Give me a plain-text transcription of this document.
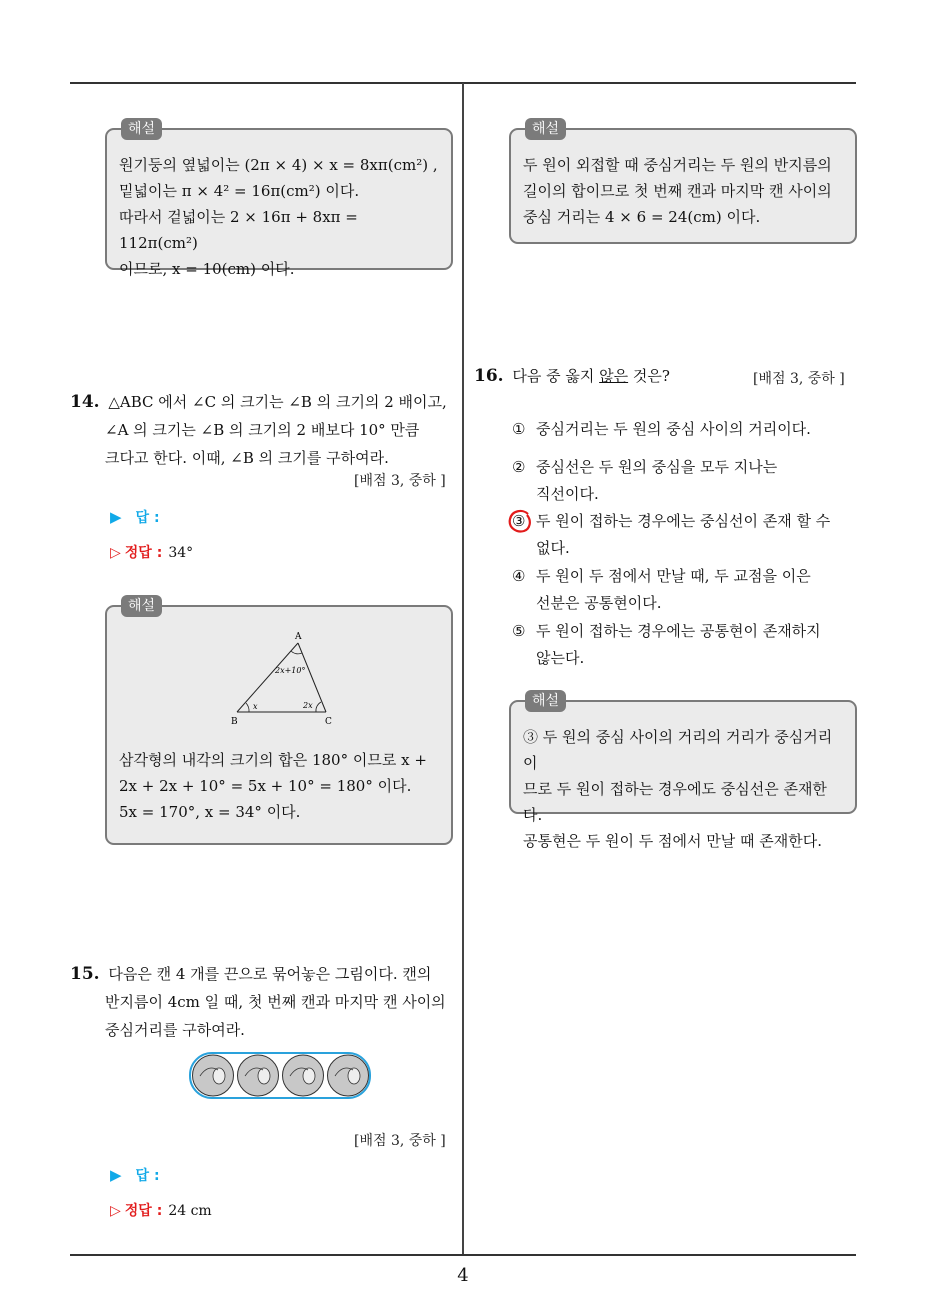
해설

원기둥의 옆넓이는 (2π × 4) × x = 8xπ(cm²) ,

밑넓이는 π × 4² = 16π(cm²) 이다.

따라서 겉넓이는 2 × 16π + 8xπ = 112π(cm²)

이므로, x = 10(cm) 이다.

해설

두 원이 외접할 때 중심거리는 두 원의 반지름의

길이의 합이므로 첫 번째 캔과 마지막 캔 사이의

중심 거리는 4 × 6 = 24(cm) 이다.

14. △ABC 에서 ∠C 의 크기는 ∠B 의 크기의 2 배이고,
∠A 의 크기는 ∠B 의 크기의 2 배보다 10° 만큼
크다고 한다. 이때, ∠B 의 크기를 구하여라.
[배점 3, 중하 ]
▶ 답 :
▷ 정답 : 34°
해설
A
B	C
2x+10°
x	2x

삼각형의 내각의 크기의 합은 180° 이므로 x +

2x + 2x + 10° = 5x + 10° = 180° 이다.

5x = 170°, x = 34° 이다.

15. 다음은 캔 4 개를 끈으로 묶어놓은 그림이다. 캔의
반지름이 4cm 일 때, 첫 번째 캔과 마지막 캔 사이의
중심거리를 구하여라.
[배점 3, 중하 ]
▶ 답 :
▷ 정답 : 24 cm
16. 다음 중 옳지 않은 것은?	[배점 3, 중하 ]
① 중심거리는 두 원의 중심 사이의 거리이다.
② 중심선은 두 원의 중심을 모두 지나는
직선이다.
③ 두 원이 접하는 경우에는 중심선이 존재 할 수
없다.
④ 두 원이 두 점에서 만날 때, 두 교점을 이은
선분은 공통현이다.
⑤ 두 원이 접하는 경우에는 공통현이 존재하지
않는다.
해설

③ 두 원의 중심 사이의 거리의 거리가 중심거리이

므로 두 원이 접하는 경우에도 중심선은 존재한다.

공통현은 두 원이 두 점에서 만날 때 존재한다.

4
